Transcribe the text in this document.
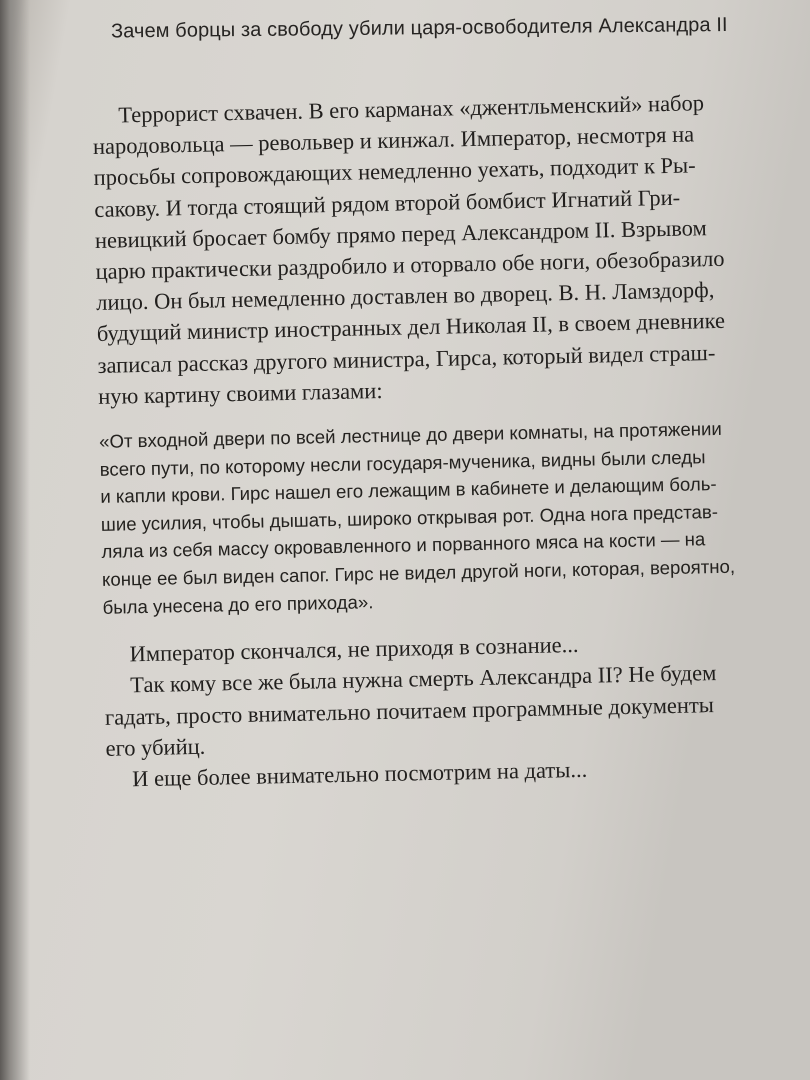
Зачем борцы за свободу убили царя-освободителя Александра II
Террорист схвачен. В его карманах «джентльменский» набор
народовольца — револьвер и кинжал. Император, несмотря на
просьбы сопровождающих немедленно уехать, подходит к Ры-
сакову. И тогда стоящий рядом второй бомбист Игнатий Гри-
невицкий бросает бомбу прямо перед Александром II. Взрывом
царю практически раздробило и оторвало обе ноги, обезобразило
лицо. Он был немедленно доставлен во дворец. В. Н. Ламздорф,
будущий министр иностранных дел Николая II, в своем дневнике
записал рассказ другого министра, Гирса, который видел страш-
ную картину своими глазами:
«От входной двери по всей лестнице до двери комнаты, на протяжении
всего пути, по которому несли государя-мученика, видны были следы
и капли крови. Гирс нашел его лежащим в кабинете и делающим боль-
шие усилия, чтобы дышать, широко открывая рот. Одна нога представ-
ляла из себя массу окровавленного и порванного мяса на кости — на
конце ее был виден сапог. Гирс не видел другой ноги, которая, вероятно,
была унесена до его прихода».
Император скончался, не приходя в сознание...
Так кому все же была нужна смерть Александра II? Не будем
гадать, просто внимательно почитаем программные документы
его убийц.
И еще более внимательно посмотрим на даты...
